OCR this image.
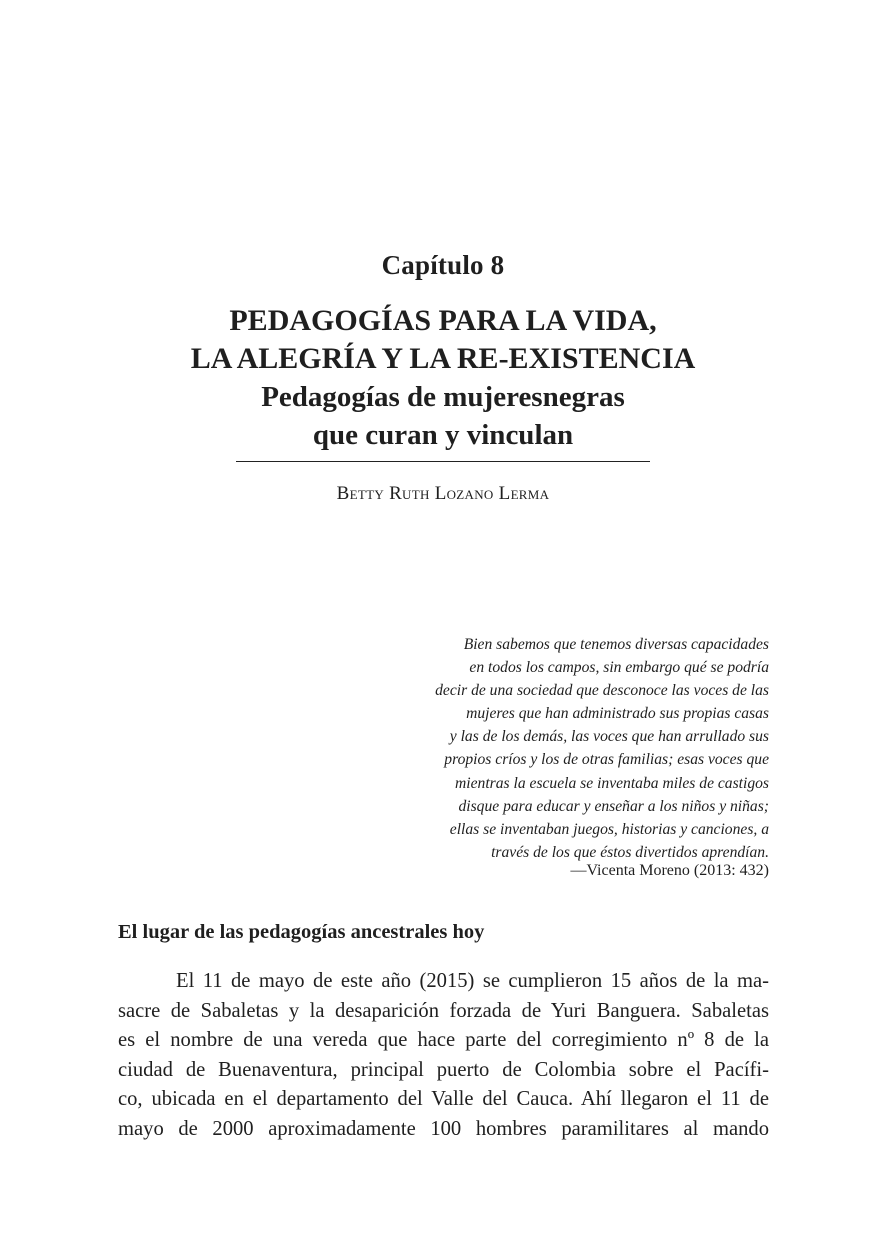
Capítulo 8
PEDAGOGÍAS PARA LA VIDA,
LA ALEGRÍA Y LA RE-EXISTENCIA
Pedagogías de mujeresnegras
que curan y vinculan
Betty Ruth Lozano Lerma
Bien sabemos que tenemos diversas capacidades
en todos los campos, sin embargo qué se podría
decir de una sociedad que desconoce las voces de las
mujeres que han administrado sus propias casas
y las de los demás, las voces que han arrullado sus
propios críos y los de otras familias; esas voces que
mientras la escuela se inventaba miles de castigos
disque para educar y enseñar a los niños y niñas;
ellas se inventaban juegos, historias y canciones, a
través de los que éstos divertidos aprendían.
—Vicenta Moreno (2013: 432)
El lugar de las pedagogías ancestrales hoy
El 11 de mayo de este año (2015) se cumplieron 15 años de la ma-
sacre de Sabaletas y la desaparición forzada de Yuri Banguera. Sabaletas
es el nombre de una vereda que hace parte del corregimiento nº 8 de la
ciudad de Buenaventura, principal puerto de Colombia sobre el Pacífi-
co, ubicada en el departamento del Valle del Cauca. Ahí llegaron el 11 de
mayo de 2000 aproximadamente 100 hombres paramilitares al mando
